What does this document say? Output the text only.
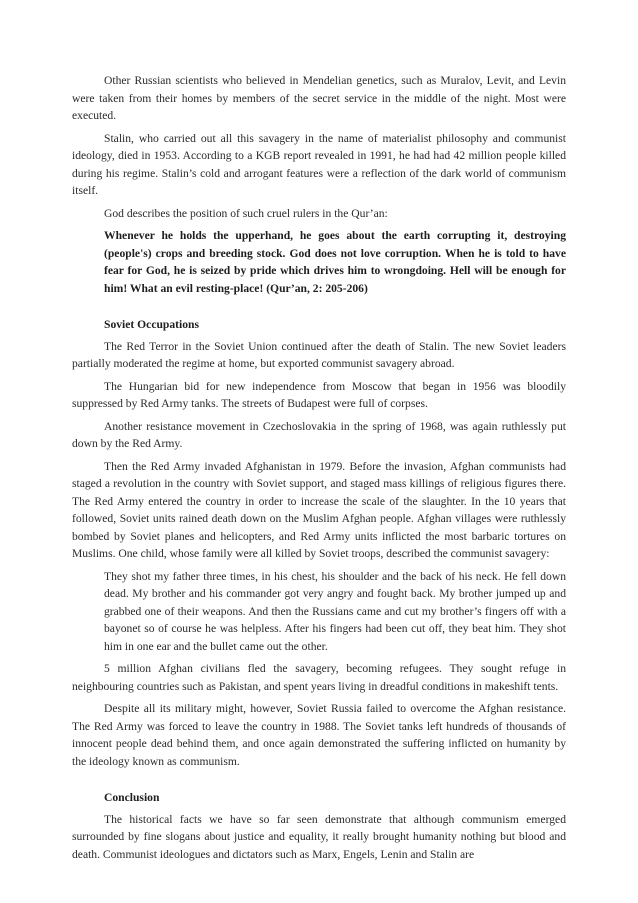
Other Russian scientists who believed in Mendelian genetics, such as Muralov, Levit, and Levin were taken from their homes by members of the secret service in the middle of the night. Most were executed.

Stalin, who carried out all this savagery in the name of materialist philosophy and communist ideology, died in 1953. According to a KGB report revealed in 1991, he had had 42 million people killed during his regime. Stalin’s cold and arrogant features were a reflection of the dark world of communism itself.

God describes the position of such cruel rulers in the Qur’an:

Whenever he holds the upperhand, he goes about the earth corrupting it, destroying (people's) crops and breeding stock. God does not love corruption. When he is told to have fear for God, he is seized by pride which drives him to wrongdoing. Hell will be enough for him! What an evil resting-place! (Qur’an, 2: 205-206)

Soviet Occupations

The Red Terror in the Soviet Union continued after the death of Stalin. The new Soviet leaders partially moderated the regime at home, but exported communist savagery abroad.

The Hungarian bid for new independence from Moscow that began in 1956 was bloodily suppressed by Red Army tanks. The streets of Budapest were full of corpses.

Another resistance movement in Czechoslovakia in the spring of 1968, was again ruthlessly put down by the Red Army.

Then the Red Army invaded Afghanistan in 1979. Before the invasion, Afghan communists had staged a revolution in the country with Soviet support, and staged mass killings of religious figures there. The Red Army entered the country in order to increase the scale of the slaughter. In the 10 years that followed, Soviet units rained death down on the Muslim Afghan people. Afghan villages were ruthlessly bombed by Soviet planes and helicopters, and Red Army units inflicted the most barbaric tortures on Muslims. One child, whose family were all killed by Soviet troops, described the communist savagery:

They shot my father three times, in his chest, his shoulder and the back of his neck. He fell down dead. My brother and his commander got very angry and fought back. My brother jumped up and grabbed one of their weapons. And then the Russians came and cut my brother’s fingers off with a bayonet so of course he was helpless. After his fingers had been cut off, they beat him. They shot him in one ear and the bullet came out the other.

5 million Afghan civilians fled the savagery, becoming refugees. They sought refuge in neighbouring countries such as Pakistan, and spent years living in dreadful conditions in makeshift tents.

Despite all its military might, however, Soviet Russia failed to overcome the Afghan resistance. The Red Army was forced to leave the country in 1988. The Soviet tanks left hundreds of thousands of innocent people dead behind them, and once again demonstrated the suffering inflicted on humanity by the ideology known as communism.

Conclusion

The historical facts we have so far seen demonstrate that although communism emerged surrounded by fine slogans about justice and equality, it really brought humanity nothing but blood and death. Communist ideologues and dictators such as Marx, Engels, Lenin and Stalin are
